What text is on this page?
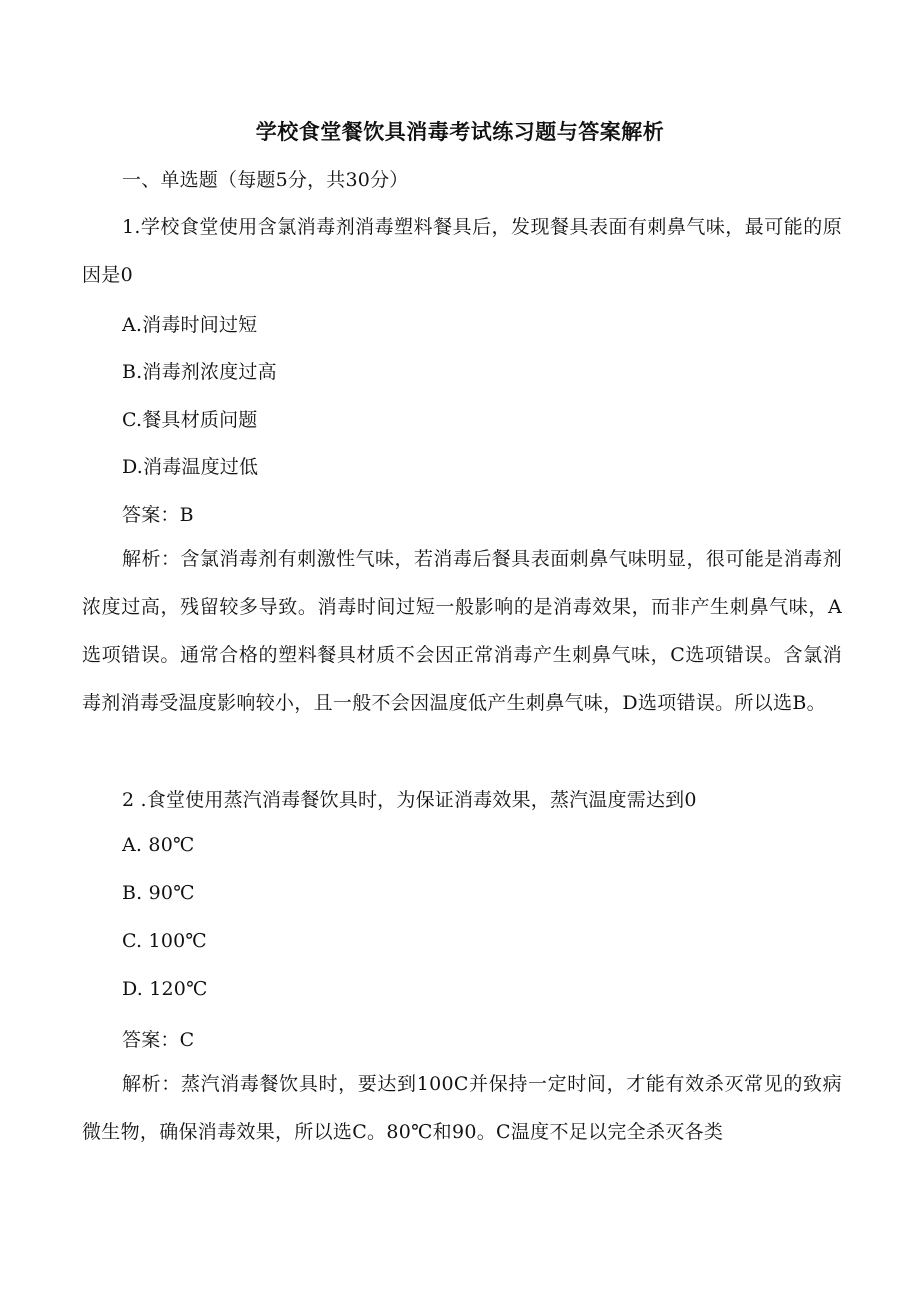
学校食堂餐饮具消毒考试练习题与答案解析
一、单选题（每题5分，共30分）
1.学校食堂使用含氯消毒剂消毒塑料餐具后，发现餐具表面有刺鼻气味，最可能的原因是0
A.消毒时间过短
B.消毒剂浓度过高
C.餐具材质问题
D.消毒温度过低
答案：B
解析：含氯消毒剂有刺激性气味，若消毒后餐具表面刺鼻气味明显，很可能是消毒剂浓度过高，残留较多导致。消毒时间过短一般影响的是消毒效果，而非产生刺鼻气味，A选项错误。通常合格的塑料餐具材质不会因正常消毒产生刺鼻气味，C选项错误。含氯消毒剂消毒受温度影响较小，且一般不会因温度低产生刺鼻气味，D选项错误。所以选B。
2 .食堂使用蒸汽消毒餐饮具时，为保证消毒效果，蒸汽温度需达到0
A. 80℃
B. 90℃
C. 100℃
D. 120℃
答案：C
解析：蒸汽消毒餐饮具时，要达到100C并保持一定时间，才能有效杀灭常见的致病微生物，确保消毒效果，所以选C。80℃和90。C温度不足以完全杀灭各类
